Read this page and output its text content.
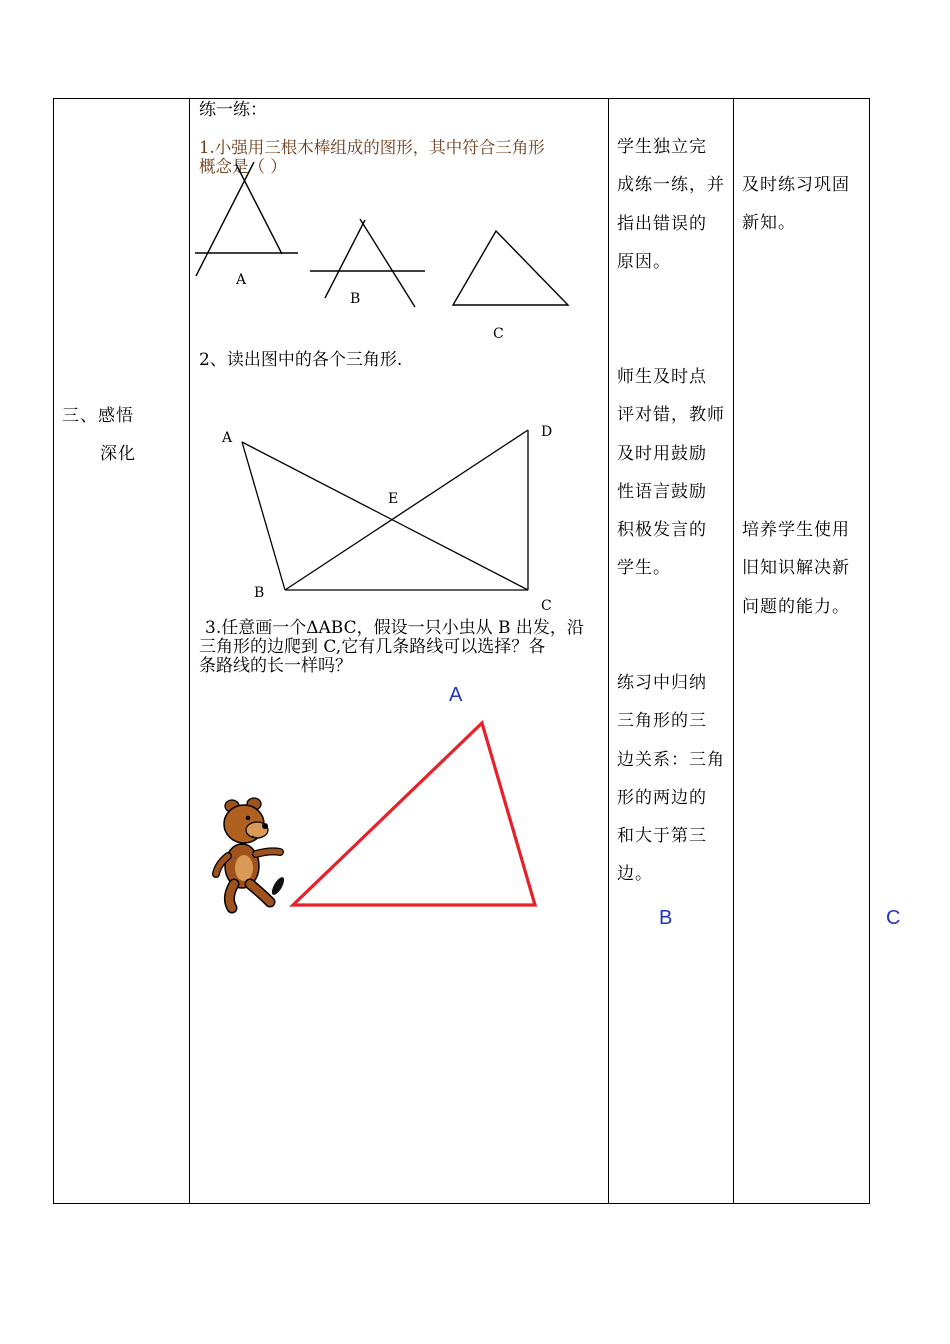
三、感悟
深化
练一练：
1.小强用三根木棒组成的图形，其中符合三角形
概念是（ ）
A
B
C
2、读出图中的各个三角形.
A	D
E
B
C
3.任意画一个ΔABC，假设一只小虫从 B 出发，沿
三角形的边爬到 C,它有几条路线可以选择？各
条路线的长一样吗？
A
学生独立完
成练一练，并
指出错误的
原因。
师生及时点
评对错，教师
及时用鼓励
性语言鼓励
积极发言的
学生。
练习中归纳
三角形的三
边关系：三角
形的两边的
和大于第三
边。
B
及时练习巩固
新知。
培养学生使用
旧知识解决新
问题的能力。
C
